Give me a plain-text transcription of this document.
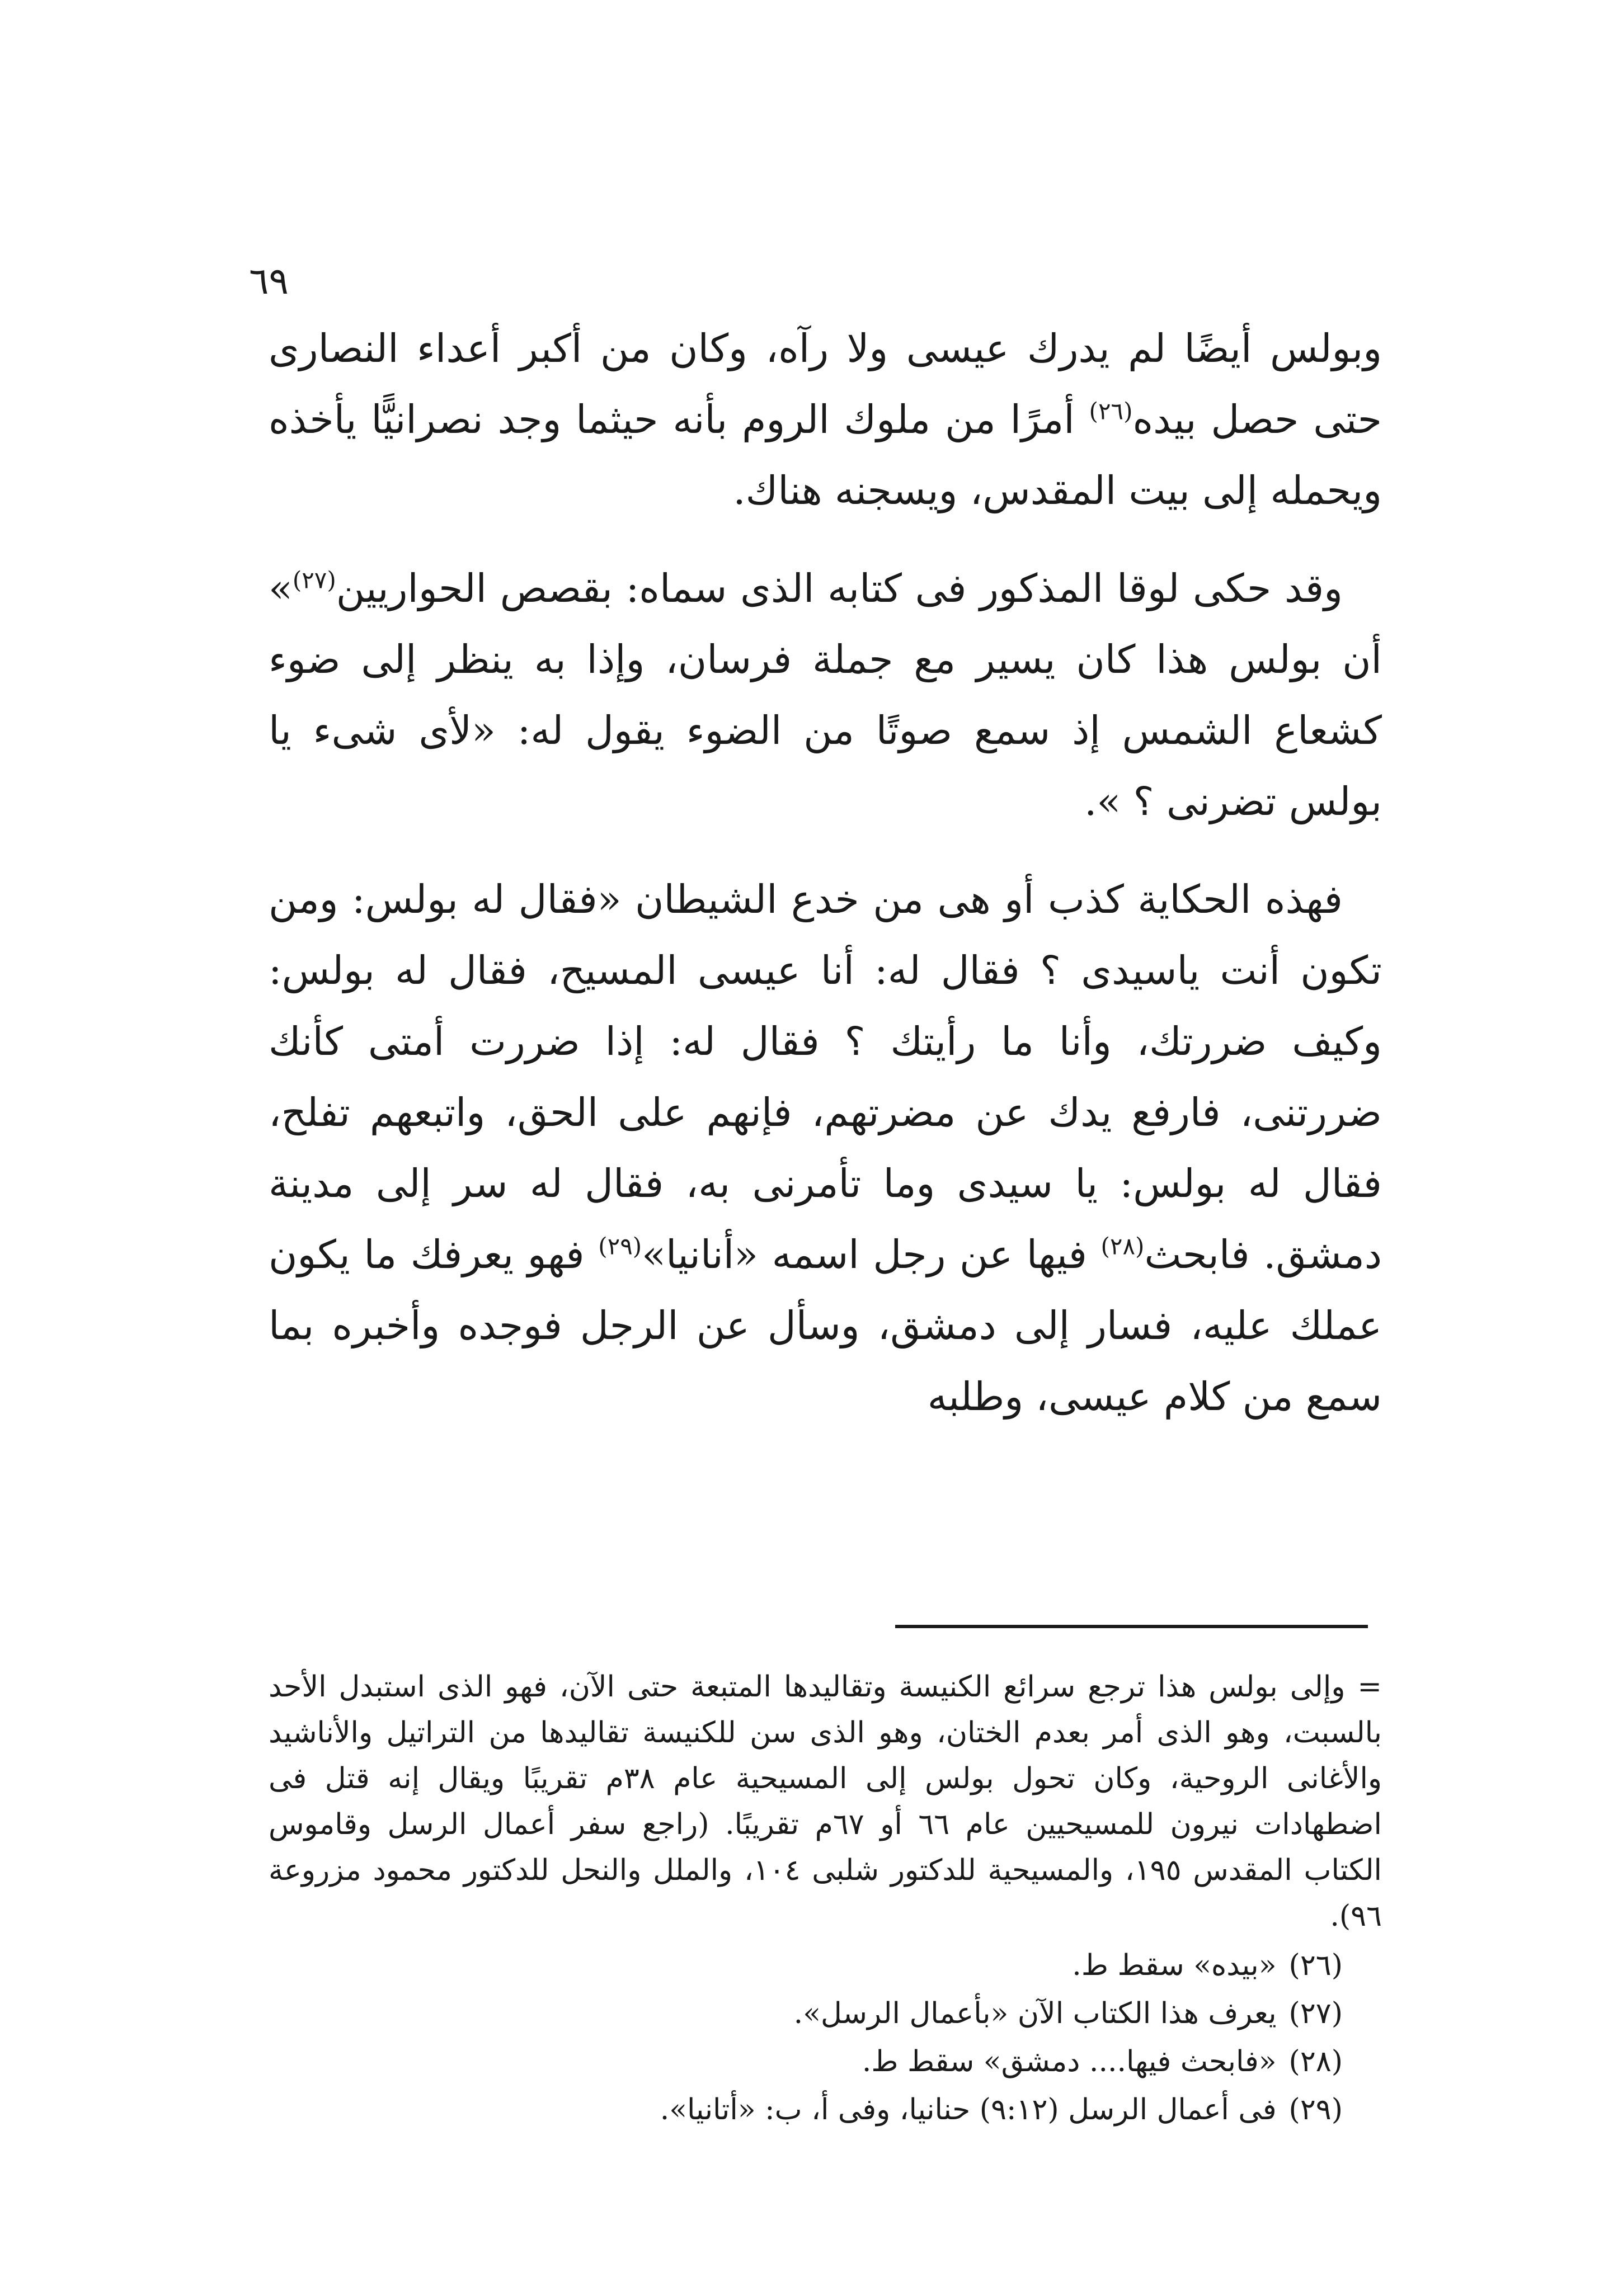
٦٩

وبولس أيضًا لم يدرك عيسى ولا رآه، وكان من أكبر أعداء النصارى حتى حصل بيده$^{(٢٦)}$ أمرًا من ملوك الروم بأنه حيثما وجد نصرانيًّا يأخذه ويحمله إلى بيت المقدس، ويسجنه هناك.

وقد حكى لوقا المذكور فى كتابه الذى سماه: بقصص الحواريين$^{(٢٧)}$» أن بولس هذا كان يسير مع جملة فرسان، وإذا به ينظر إلى ضوء كشعاع الشمس إذ سمع صوتًا من الضوء يقول له: «لأى شىء يا بولس تضرنى ؟ ».

فهذه الحكاية كذب أو هى من خدع الشيطان «فقال له بولس: ومن تكون أنت ياسيدى ؟ فقال له: أنا عيسى المسيح، فقال له بولس: وكيف ضررتك، وأنا ما رأيتك ؟ فقال له: إذا ضررت أمتى كأنك ضررتنى، فارفع يدك عن مضرتهم، فإنهم على الحق، واتبعهم تفلح، فقال له بولس: يا سيدى وما تأمرنى به، فقال له سر إلى مدينة دمشق. فابحث$^{(٢٨)}$ فيها عن رجل اسمه «أنانيا»$^{(٢٩)}$ فهو يعرفك ما يكون عملك عليه، فسار إلى دمشق، وسأل عن الرجل فوجده وأخبره بما سمع من كلام عيسى، وطلبه

= وإلى بولس هذا ترجع سرائع الكنيسة وتقاليدها المتبعة حتى الآن، فهو الذى استبدل الأحد بالسبت، وهو الذى أمر بعدم الختان، وهو الذى سن للكنيسة تقاليدها من التراتيل والأناشيد والأغانى الروحية، وكان تحول بولس إلى المسيحية عام ٣٨م تقريبًا ويقال إنه قتل فى اضطهادات نيرون للمسيحيين عام ٦٦ أو ٦٧م تقريبًا. (راجع سفر أعمال الرسل وقاموس الكتاب المقدس ١٩٥، والمسيحية للدكتور شلبى ١٠٤، والملل والنحل للدكتور محمود مزروعة ٩٦).

(٢٦)«بيده» سقط ط.
(٢٧)يعرف هذا الكتاب الآن «بأعمال الرسل».
(٢٨)«فابحث فيها.... دمشق» سقط ط.
(٢٩)فى أعمال الرسل (٩:١٢) حنانيا، وفى أ، ب: «أتانيا».
